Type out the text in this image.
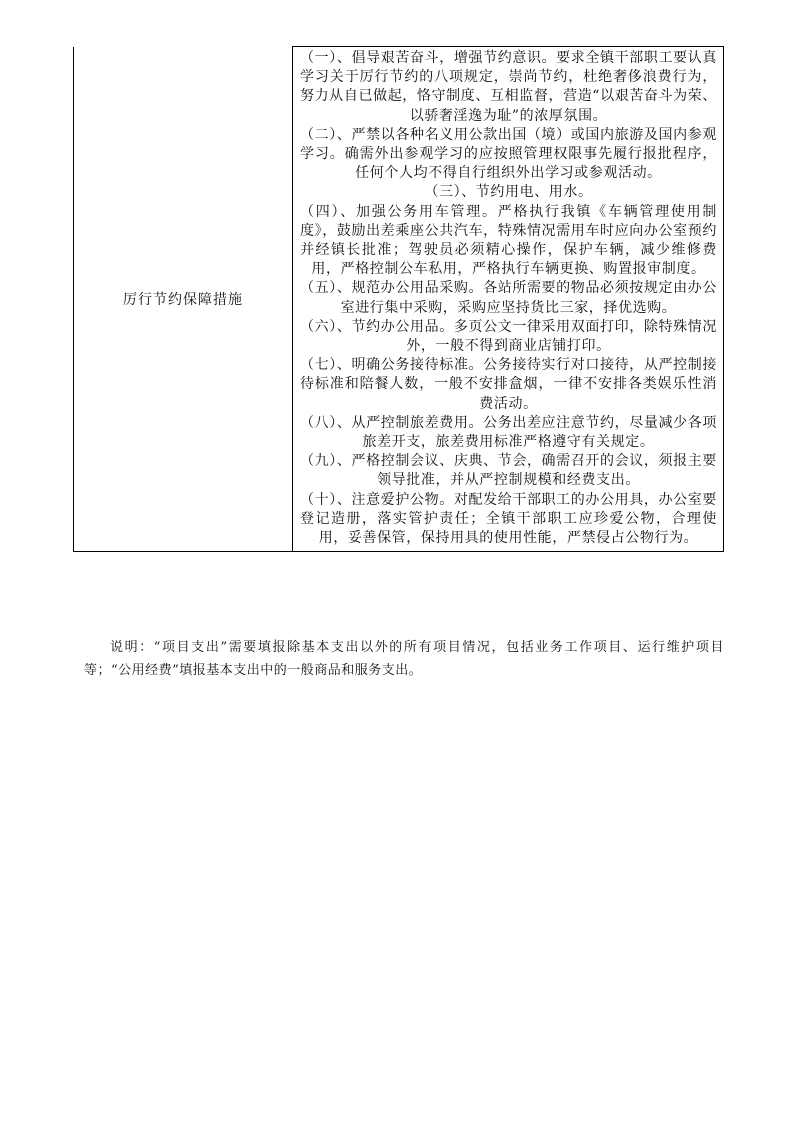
厉行节约保障措施	

（一）、倡导艰苦奋斗，增强节约意识。要求全镇干部职工要认真学习关于厉行节约的八项规定，崇尚节约，杜绝奢侈浪费行为，努力从自已做起，恪守制度、互相监督，营造“以艰苦奋斗为荣、以骄奢淫逸为耻”的浓厚氛围。

（二）、严禁以各种名义用公款出国（境）或国内旅游及国内参观学习。确需外出参观学习的应按照管理权限事先履行报批程序，任何个人均不得自行组织外出学习或参观活动。

（三）、节约用电、用水。

（四）、加强公务用车管理。严格执行我镇《车辆管理使用制度》，鼓励出差乘座公共汽车，特殊情况需用车时应向办公室预约并经镇长批准；驾驶员必须精心操作，保护车辆，减少维修费用，严格控制公车私用，严格执行车辆更换、购置报审制度。

（五）、规范办公用品采购。各站所需要的物品必须按规定由办公室进行集中采购，采购应坚持货比三家，择优选购。

（六）、节约办公用品。多页公文一律采用双面打印，除特殊情况外，一般不得到商业店铺打印。

（七）、明确公务接待标准。公务接待实行对口接待，从严控制接待标准和陪餐人数，一般不安排盒烟，一律不安排各类娱乐性消费活动。

（八）、从严控制旅差费用。公务出差应注意节约，尽量减少各项旅差开支，旅差费用标准严格遵守有关规定。

（九）、严格控制会议、庆典、节会，确需召开的会议，须报主要领导批准，并从严控制规模和经费支出。

（十）、注意爱护公物。对配发给干部职工的办公用具，办公室要登记造册，落实管护责任；全镇干部职工应珍爱公物，合理使用，妥善保管，保持用具的使用性能，严禁侵占公物行为。

说明：“项目支出”需要填报除基本支出以外的所有项目情况，包括业务工作项目、运行维护项目等；“公用经费”填报基本支出中的一般商品和服务支出。
